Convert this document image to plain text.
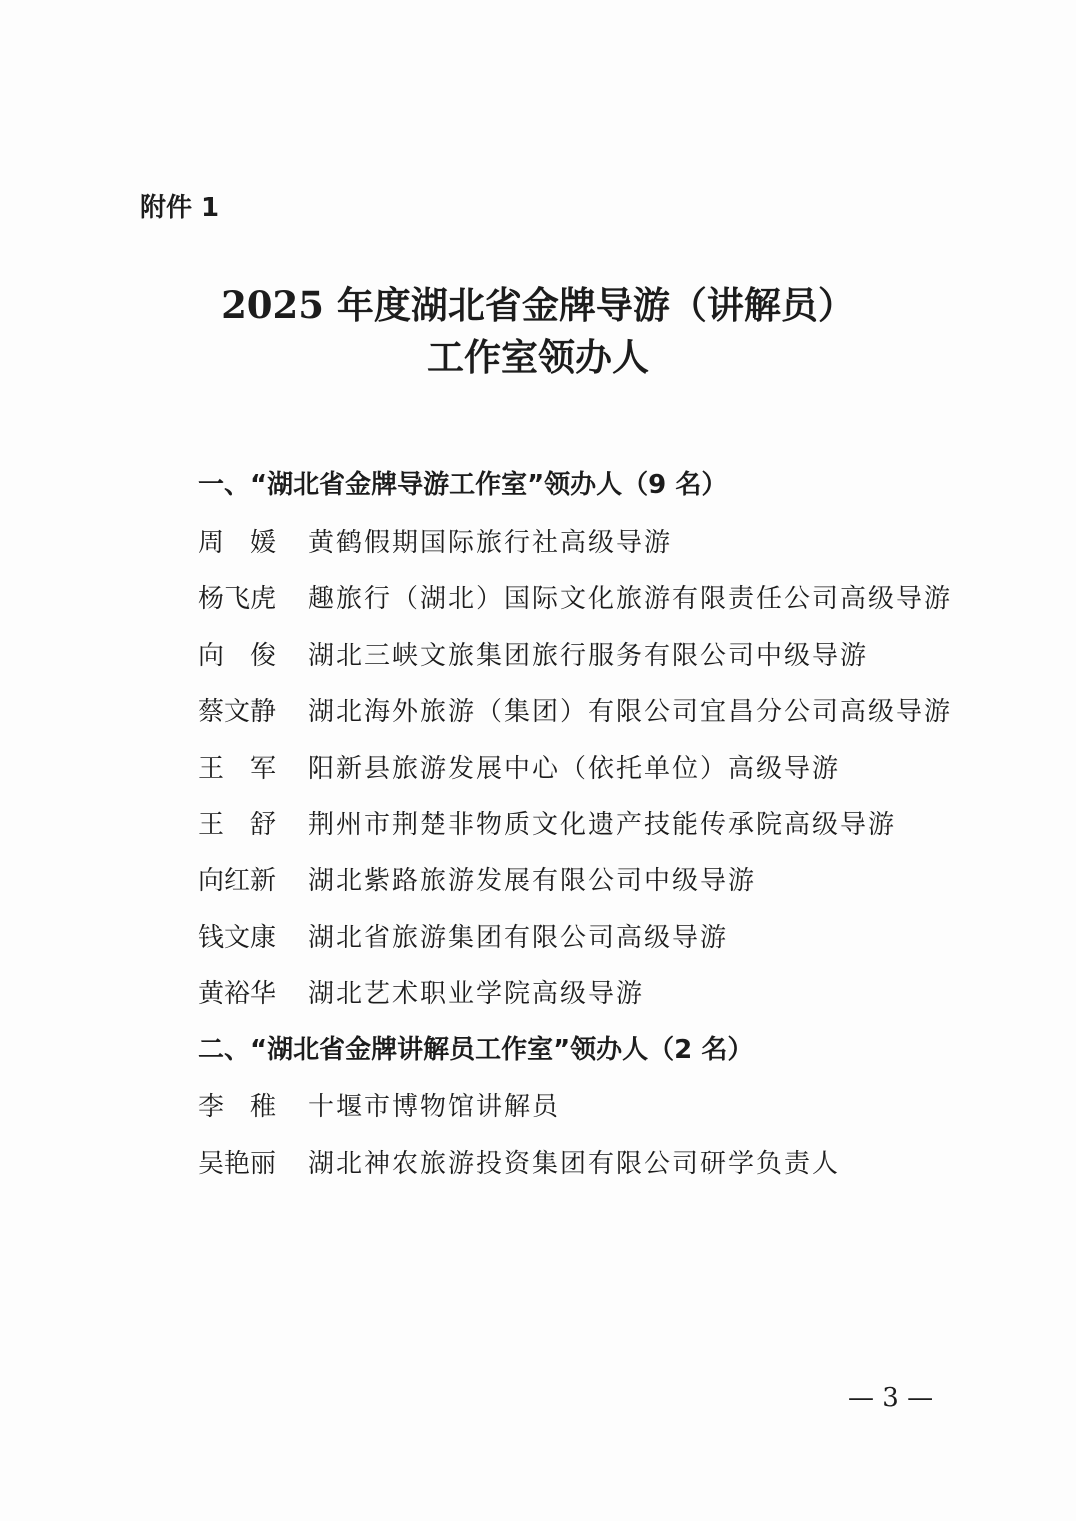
附件 1
2025 年度湖北省金牌导游（讲解员）
工作室领办人
一、“湖北省金牌导游工作室”领办人（9 名）
周　媛	黄鹤假期国际旅行社高级导游
杨飞虎	趣旅行（湖北）国际文化旅游有限责任公司高级导游
向　俊	湖北三峡文旅集团旅行服务有限公司中级导游
蔡文静	湖北海外旅游（集团）有限公司宜昌分公司高级导游
王　军	阳新县旅游发展中心（依托单位）高级导游
王　舒	荆州市荆楚非物质文化遗产技能传承院高级导游
向红新	湖北紫路旅游发展有限公司中级导游
钱文康	湖北省旅游集团有限公司高级导游
黄裕华	湖北艺术职业学院高级导游
二、“湖北省金牌讲解员工作室”领办人（2 名）
李　稚	十堰市博物馆讲解员
吴艳丽	湖北神农旅游投资集团有限公司研学负责人
— 3 —
